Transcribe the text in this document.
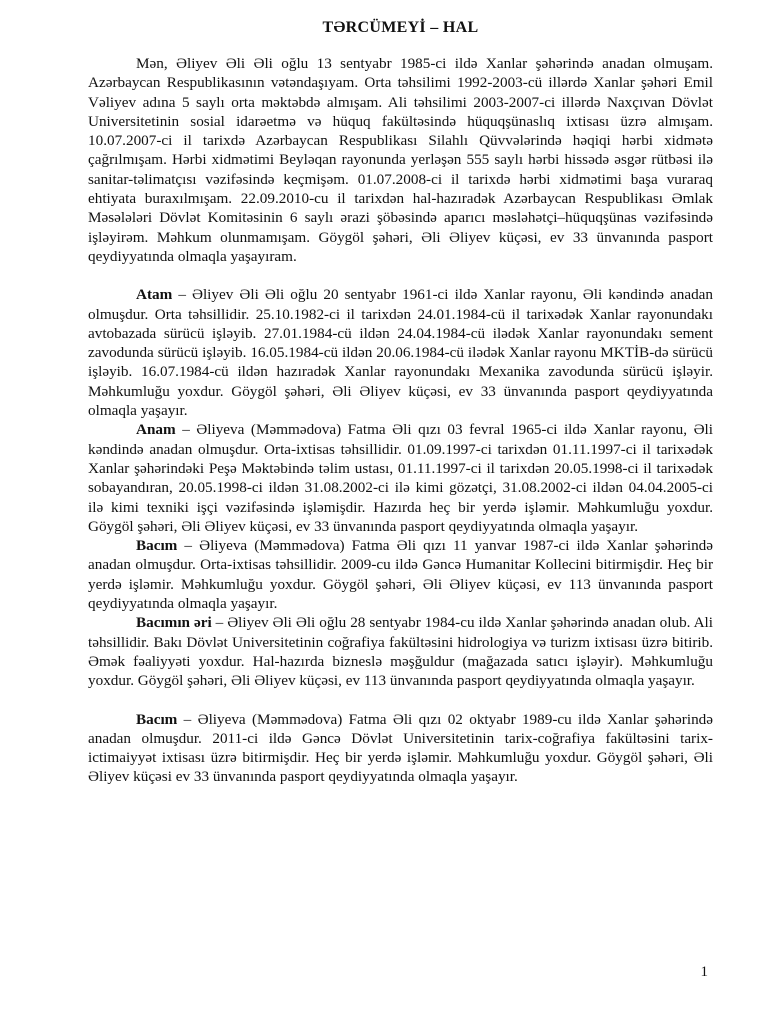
TƏRCÜMEYİ – HAL

Mən, Əliyev Əli Əli oğlu 13 sentyabr 1985-ci ildə Xanlar şəhərində anadan olmuşam. Azərbaycan Respublikasının vətəndaşıyam. Orta təhsilimi 1992-2003-cü illərdə Xanlar şəhəri Emil Vəliyev adına 5 saylı orta məktəbdə almışam. Ali təhsilimi 2003-2007-ci illərdə Naxçıvan Dövlət Universitetinin sosial idarəetmə və hüquq fakültəsində hüquqşünaslıq ixtisası üzrə almışam. 10.07.2007-ci il tarixdə Azərbaycan Respublikası Silahlı Qüvvələrində həqiqi hərbi xidmətə çağrılmışam. Hərbi xidmətimi Beyləqan rayonunda yerləşən 555 saylı hərbi hissədə əsgər rütbəsi ilə sanitar-təlimatçısı vəzifəsində keçmişəm. 01.07.2008-ci il tarixdə hərbi xidmətimi başa vuraraq ehtiyata buraxılmışam. 22.09.2010-cu il tarixdən hal-hazıradək Azərbaycan Respublikası Əmlak Məsələləri Dövlət Komitəsinin 6 saylı ərazi şöbəsində aparıcı məsləhətçi–hüquqşünas vəzifəsində işləyirəm. Məhkum olunmamışam. Göygöl şəhəri, Əli Əliyev küçəsi, ev 33 ünvanında pasport qeydiyyatında olmaqla yaşayıram.

Atam – Əliyev Əli Əli oğlu 20 sentyabr 1961-ci ildə Xanlar rayonu, Əli kəndində anadan olmuşdur. Orta təhsillidir. 25.10.1982-ci il tarixdən 24.01.1984-cü il tarixədək Xanlar rayonundakı avtobazada sürücü işləyib. 27.01.1984-cü ildən 24.04.1984-cü ilədək Xanlar rayonundakı sement zavodunda sürücü işləyib. 16.05.1984-cü ildən 20.06.1984-cü ilədək Xanlar rayonu MKTİB-də sürücü işləyib. 16.07.1984-cü ildən hazıradək Xanlar rayonundakı Mexanika zavodunda sürücü işləyir. Məhkumluğu yoxdur. Göygöl şəhəri, Əli Əliyev küçəsi, ev 33 ünvanında pasport qeydiyyatında olmaqla yaşayır.

Anam – Əliyeva (Məmmədova) Fatma Əli qızı 03 fevral 1965-ci ildə Xanlar rayonu, Əli kəndində anadan olmuşdur. Orta-ixtisas təhsillidir. 01.09.1997-ci tarixdən 01.11.1997-ci il tarixədək Xanlar şəhərindəki Peşə Məktəbində təlim ustası, 01.11.1997-ci il tarixdən 20.05.1998-ci il tarixədək sobayandıran, 20.05.1998-ci ildən 31.08.2002-ci ilə kimi gözətçi, 31.08.2002-ci ildən 04.04.2005-ci ilə kimi texniki işçi vəzifəsində işləmişdir. Hazırda heç bir yerdə işləmir. Məhkumluğu yoxdur. Göygöl şəhəri, Əli Əliyev küçəsi, ev 33 ünvanında pasport qeydiyyatında olmaqla yaşayır.

Bacım – Əliyeva (Məmmədova) Fatma Əli qızı 11 yanvar 1987-ci ildə Xanlar şəhərində anadan olmuşdur. Orta-ixtisas təhsillidir. 2009-cu ildə Gəncə Humanitar Kollecini bitirmişdir. Heç bir yerdə işləmir. Məhkumluğu yoxdur. Göygöl şəhəri, Əli Əliyev küçəsi, ev 113 ünvanında pasport qeydiyyatında olmaqla yaşayır.

Bacımın əri – Əliyev Əli Əli oğlu 28 sentyabr 1984-cu ildə Xanlar şəhərində anadan olub. Ali təhsillidir. Bakı Dövlət Universitetinin coğrafiya fakültəsini hidrologiya və turizm ixtisası üzrə bitirib. Əmək fəaliyyəti yoxdur. Hal-hazırda bizneslə məşğuldur (mağazada satıcı işləyir). Məhkumluğu yoxdur. Göygöl şəhəri, Əli Əliyev küçəsi, ev 113 ünvanında pasport qeydiyyatında olmaqla yaşayır.

Bacım – Əliyeva (Məmmədova) Fatma Əli qızı 02 oktyabr 1989-cu ildə Xanlar şəhərində anadan olmuşdur. 2011-ci ildə Gəncə Dövlət Universitetinin tarix-coğrafiya fakültəsini tarix-ictimaiyyət ixtisası üzrə bitirmişdir. Heç bir yerdə işləmir. Məhkumluğu yoxdur. Göygöl şəhəri, Əli Əliyev küçəsi ev 33 ünvanında pasport qeydiyyatında olmaqla yaşayır.

1
